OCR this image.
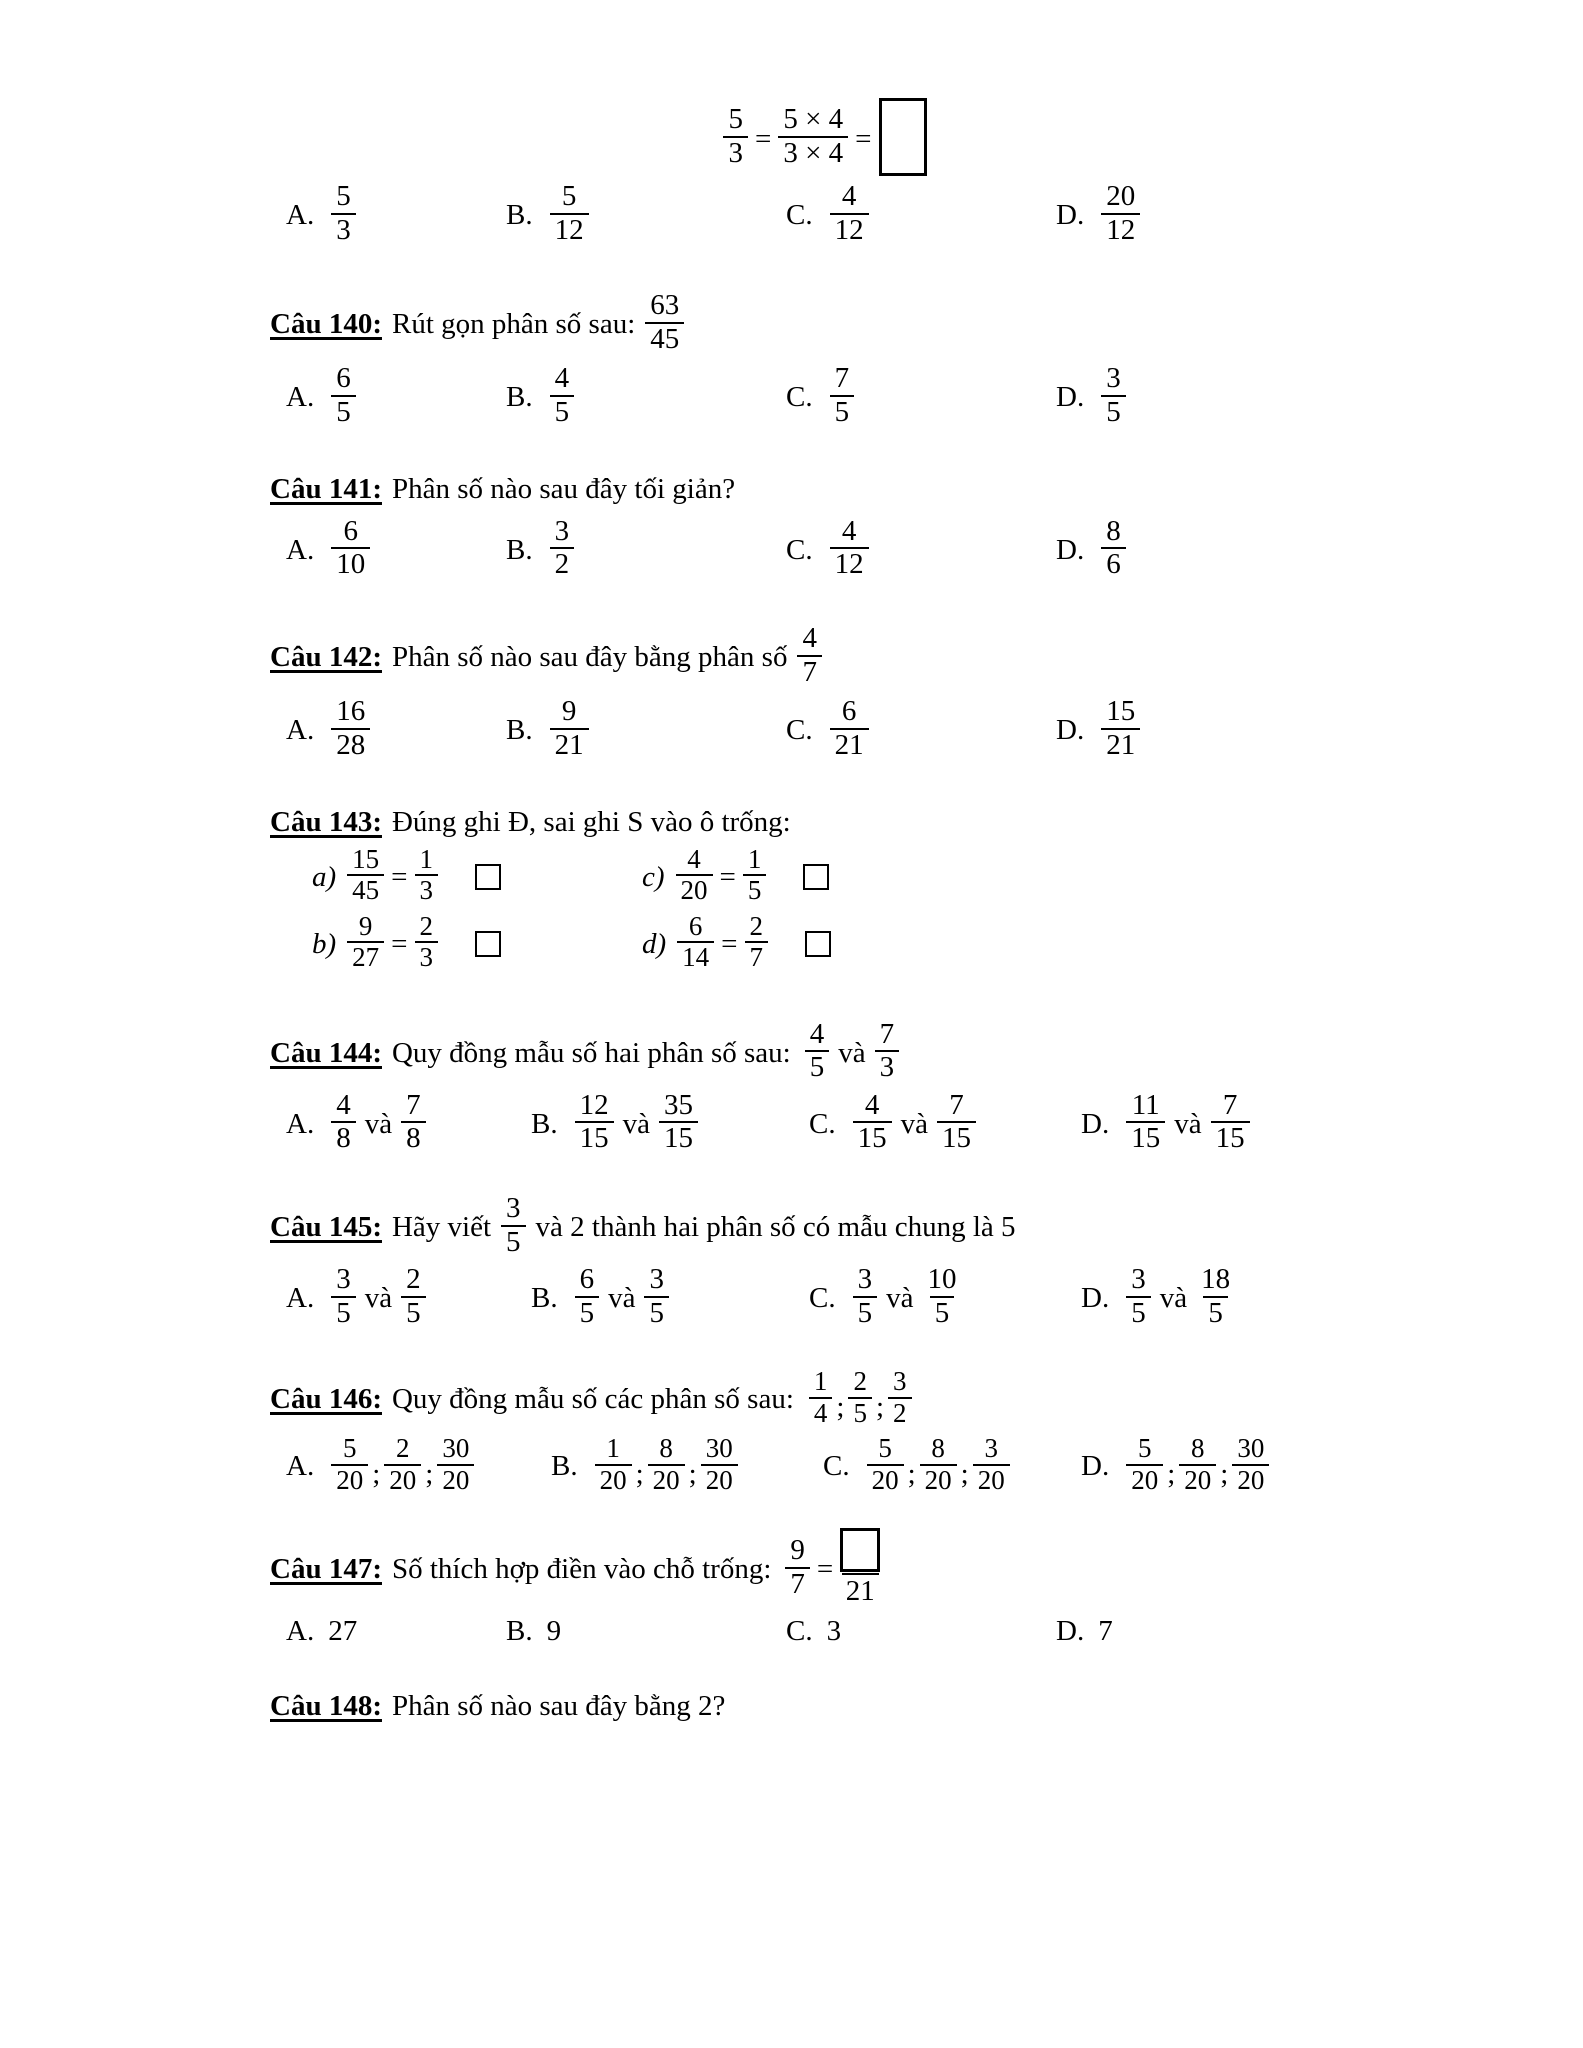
$\frac{5}{3} = \frac{5 \times 4}{3 \times 4}$ =
A. $\frac{5}{3}$	B. $\frac{5}{12}$	C. $\frac{4}{12}$	D. $\frac{20}{12}$
Câu 140: Rút gọn phân số sau: $\frac{63}{45}$
A. $\frac{6}{5}$	B. $\frac{4}{5}$	C. $\frac{7}{5}$	D. $\frac{3}{5}$
Câu 141: Phân số nào sau đây tối giản?
A. $\frac{6}{10}$	B. $\frac{3}{2}$	C. $\frac{4}{12}$	D. $\frac{8}{6}$
Câu 142: Phân số nào sau đây bằng phân số $\frac{4}{7}$
A. $\frac{16}{28}$	B. $\frac{9}{21}$	C. $\frac{6}{21}$	D. $\frac{15}{21}$
Câu 143: Đúng ghi Đ, sai ghi S vào ô trống:
$a) \frac{15}{45} = \frac{1}{3}$	$c) \frac{4}{20} = \frac{1}{5}$
$b) \frac{9}{27} = \frac{2}{3}$	$d) \frac{6}{14} = \frac{2}{7}$
Câu 144: Quy đồng mẫu số hai phân số sau: $\frac{4}{5}$ và $\frac{7}{3}$
A. $\frac{4}{8}$ và $\frac{7}{8}$	B. $\frac{12}{15}$ và $\frac{35}{15}$	C. $\frac{4}{15}$ và $\frac{7}{15}$	D. $\frac{11}{15}$ và $\frac{7}{15}$
Câu 145: Hãy viết $\frac{3}{5}$ và 2 thành hai phân số có mẫu chung là 5
A. $\frac{3}{5}$ và $\frac{2}{5}$	B. $\frac{6}{5}$ và $\frac{3}{5}$	C. $\frac{3}{5}$ và $\frac{10}{5}$	D. $\frac{3}{5}$ và $\frac{18}{5}$
Câu 146: Quy đồng mẫu số các phân số sau: $\frac{1}{4}$ ; $\frac{2}{5}$ ; $\frac{3}{2}$
A. $\frac{5}{20}$ ; $\frac{2}{20}$ ; $\frac{30}{20}$	B. $\frac{1}{20}$ ; $\frac{8}{20}$ ; $\frac{30}{20}$	C. $\frac{5}{20}$ ; $\frac{8}{20}$ ; $\frac{3}{20} D$. $\frac{5}{20}$ ; $\frac{8}{20}$ ; $\frac{30}{20}$
Câu 147: Số thích hợp điền vào chỗ trống: $\frac{9}{7}$ =
21
A. 27	B. 9	C. 3	D. 7
Câu 148: Phân số nào sau đây bằng 2?
